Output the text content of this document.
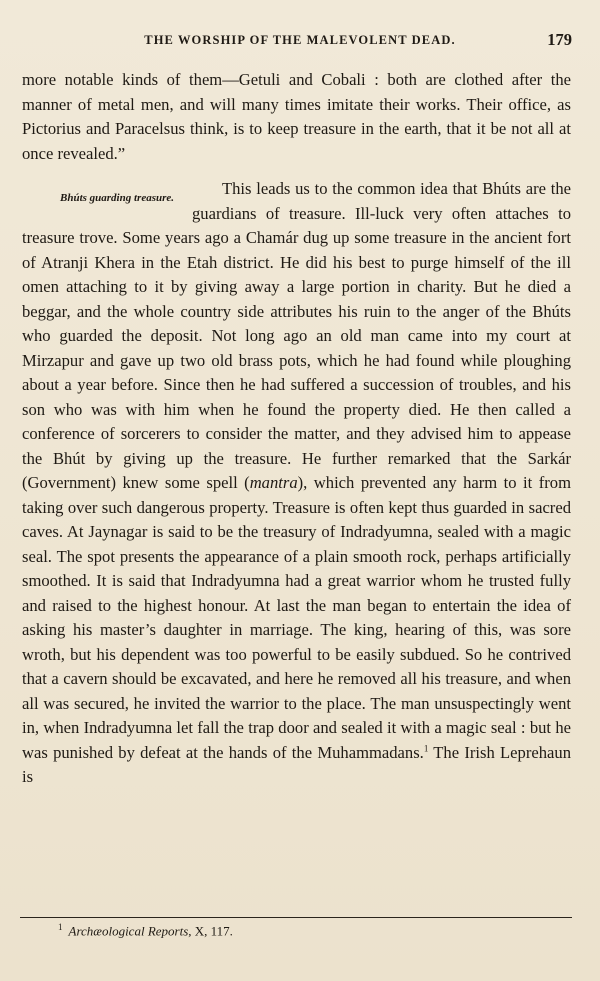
THE WORSHIP OF THE MALEVOLENT DEAD.	179

more notable kinds of them—Getuli and Cobali : both are clothed after the manner of metal men, and will many times imitate their works. Their office, as Pictorius and Paracelsus think, is to keep treasure in the earth, that it be not all at once revealed.”

Bhúts guarding treasure.	This leads us to the common idea that Bhúts are the guardians of treasure. Ill-luck very often attaches to treasure trove. Some years ago a Chamár dug up some treasure in the ancient fort of Atranji Khera in the Etah district. He did his best to purge himself of the ill omen attaching to it by giving away a large portion in charity. But he died a beggar, and the whole country side attributes his ruin to the anger of the Bhúts who guarded the deposit. Not long ago an old man came into my court at Mirzapur and gave up two old brass pots, which he had found while ploughing about a year before. Since then he had suffered a succession of troubles, and his son who was with him when he found the property died. He then called a conference of sorcerers to consider the matter, and they advised him to appease the Bhút by giving up the treasure. He further remarked that the Sarkár (Government) knew some spell (mantra), which prevented any harm to it from taking over such dangerous property. Treasure is often kept thus guarded in sacred caves. At Jaynagar is said to be the treasury of Indradyumna, sealed with a magic seal. The spot presents the appearance of a plain smooth rock, perhaps artificially smoothed. It is said that Indradyumna had a great warrior whom he trusted fully and raised to the highest honour. At last the man began to entertain the idea of asking his master’s daughter in marriage. The king, hearing of this, was sore wroth, but his dependent was too powerful to be easily subdued. So he contrived that a cavern should be excavated, and here he removed all his treasure, and when all was secured, he invited the warrior to the place. The man unsuspectingly went in, when Indradyumna let fall the trap door and sealed it with a magic seal : but he was punished by defeat at the hands of the Muhammadans.$^1$ The Irish Leprehaun is

$^1$ Archæological Reports, X, 117.
